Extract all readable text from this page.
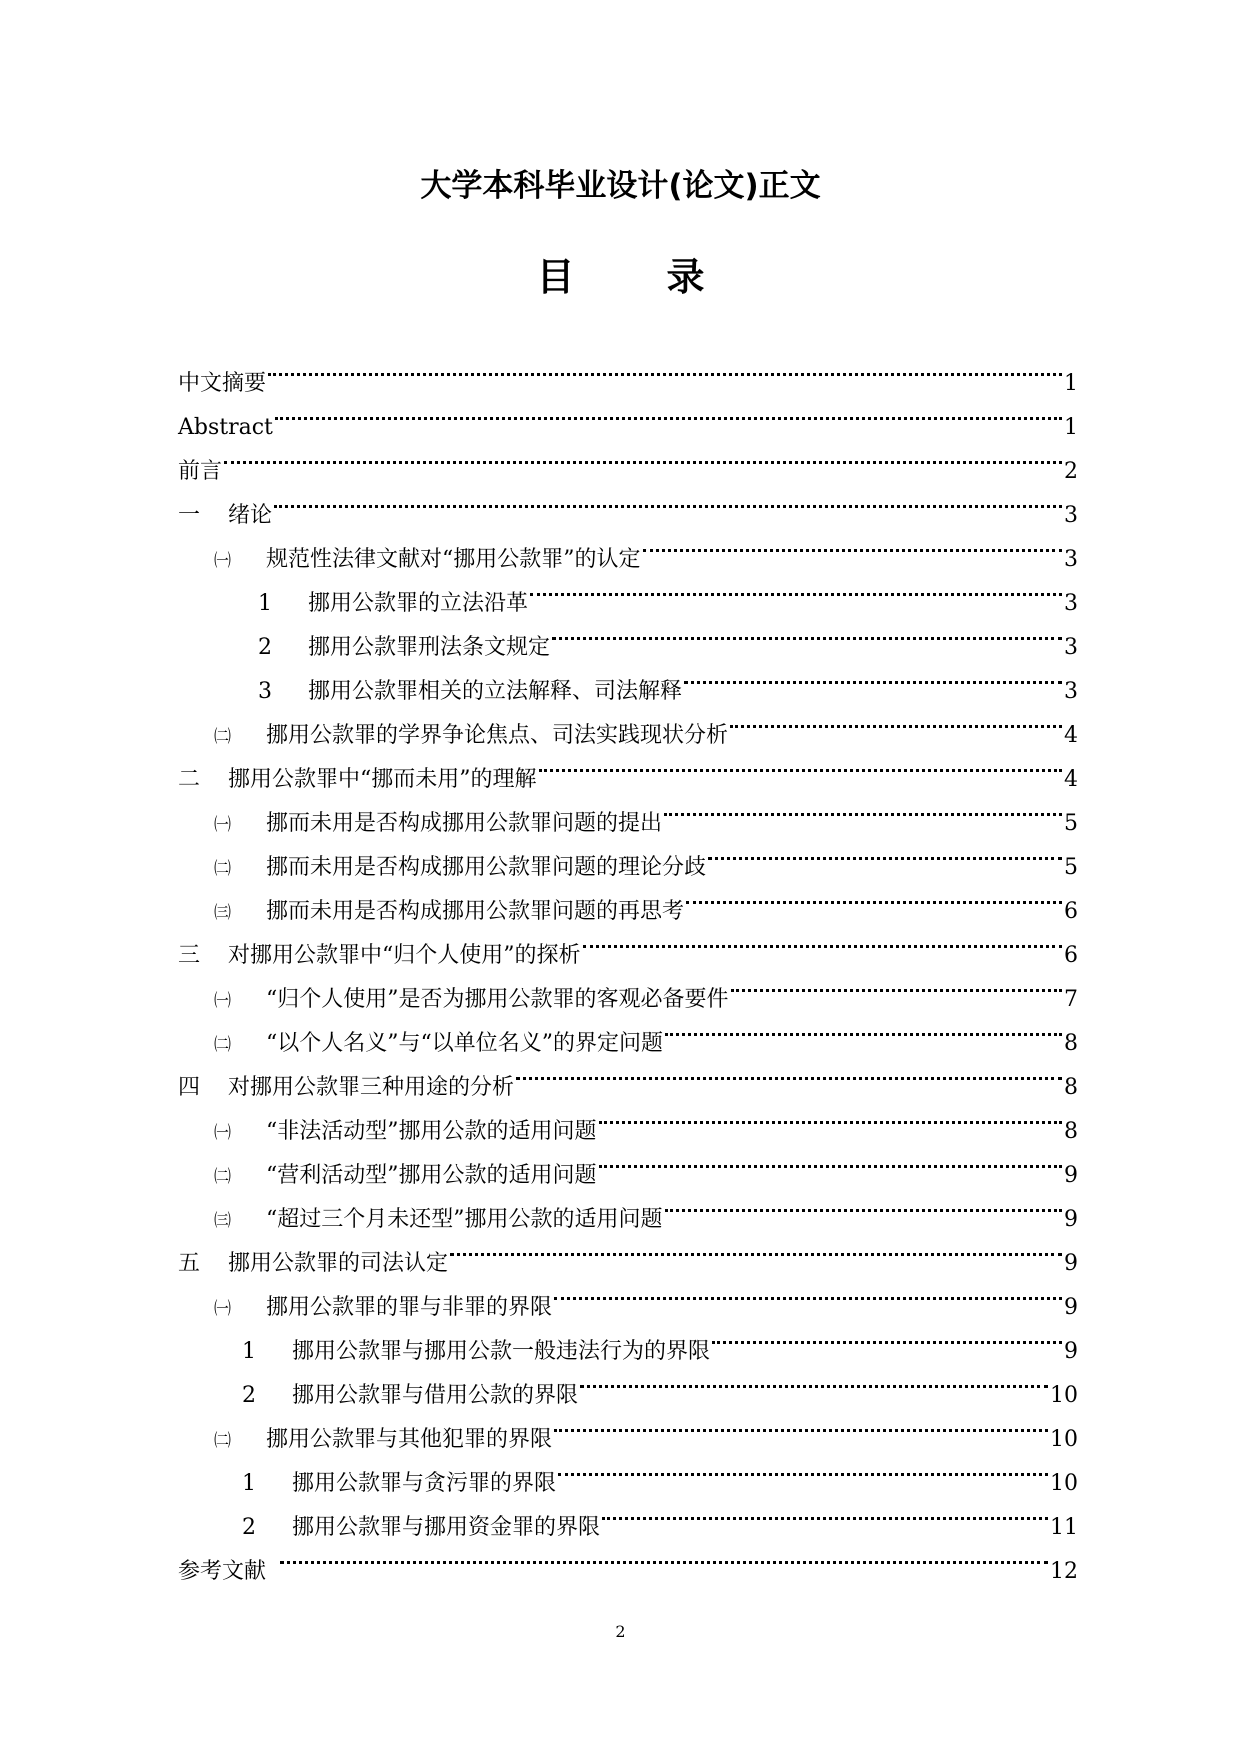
大学本科毕业设计(论文)正文
目 录
中文摘要	1
Abstract	1
前言	2
一	绪论	3
㈠	规范性法律文献对“挪用公款罪”的认定	3
1	挪用公款罪的立法沿革	3
2	挪用公款罪刑法条文规定	3
3	挪用公款罪相关的立法解释、司法解释	3
㈡	挪用公款罪的学界争论焦点、司法实践现状分析	4
二	挪用公款罪中“挪而未用”的理解	4
㈠	挪而未用是否构成挪用公款罪问题的提出	5
㈡	挪而未用是否构成挪用公款罪问题的理论分歧	5
㈢	挪而未用是否构成挪用公款罪问题的再思考	6
三	对挪用公款罪中“归个人使用”的探析	6
㈠	“归个人使用”是否为挪用公款罪的客观必备要件	7
㈡	“以个人名义”与“以单位名义”的界定问题	8
四	对挪用公款罪三种用途的分析	8
㈠	“非法活动型”挪用公款的适用问题	8
㈡	“营利活动型”挪用公款的适用问题	9
㈢	“超过三个月未还型”挪用公款的适用问题	9
五	挪用公款罪的司法认定	9
㈠	挪用公款罪的罪与非罪的界限	9
1	挪用公款罪与挪用公款一般违法行为的界限	9
2	挪用公款罪与借用公款的界限	10
㈡	挪用公款罪与其他犯罪的界限	10
1	挪用公款罪与贪污罪的界限	10
2	挪用公款罪与挪用资金罪的界限	11
参考文献	12
2
